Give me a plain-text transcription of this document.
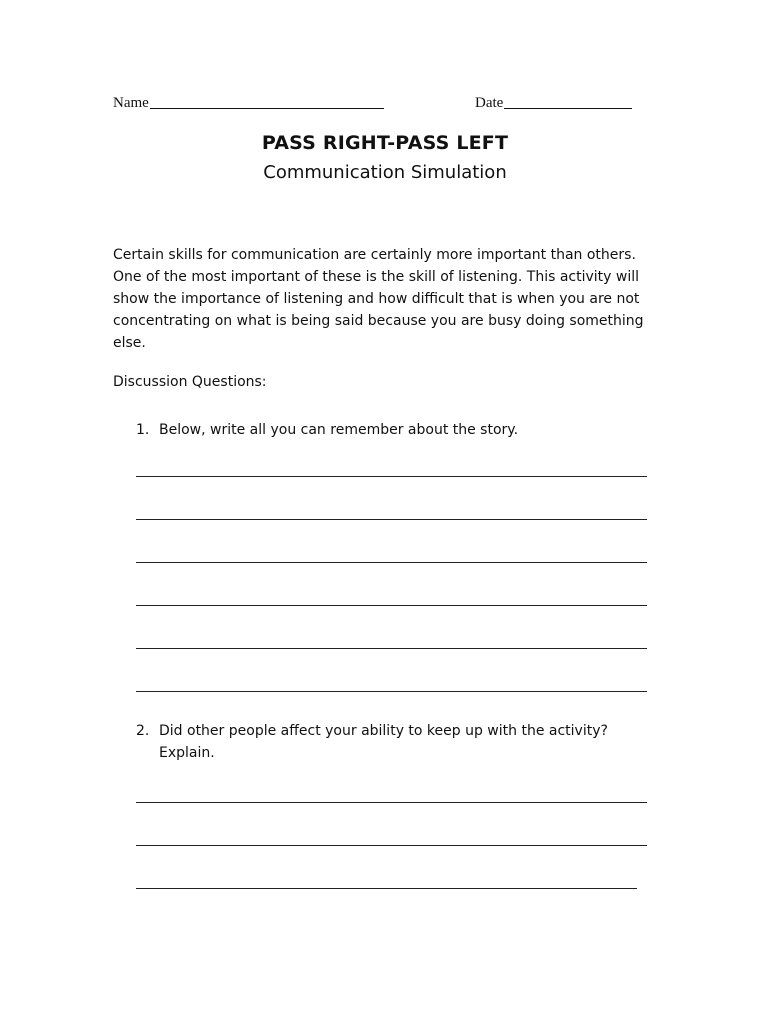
Name	Date
PASS RIGHT-PASS LEFT
Communication Simulation
Certain skills for communication are certainly more important than others.
One of the most important of these is the skill of listening. This activity will
show the importance of listening and how difficult that is when you are not
concentrating on what is being said because you are busy doing something
else.
Discussion Questions:
1. Below, write all you can remember about the story.
2. Did other people affect your ability to keep up with the activity?
Explain.
